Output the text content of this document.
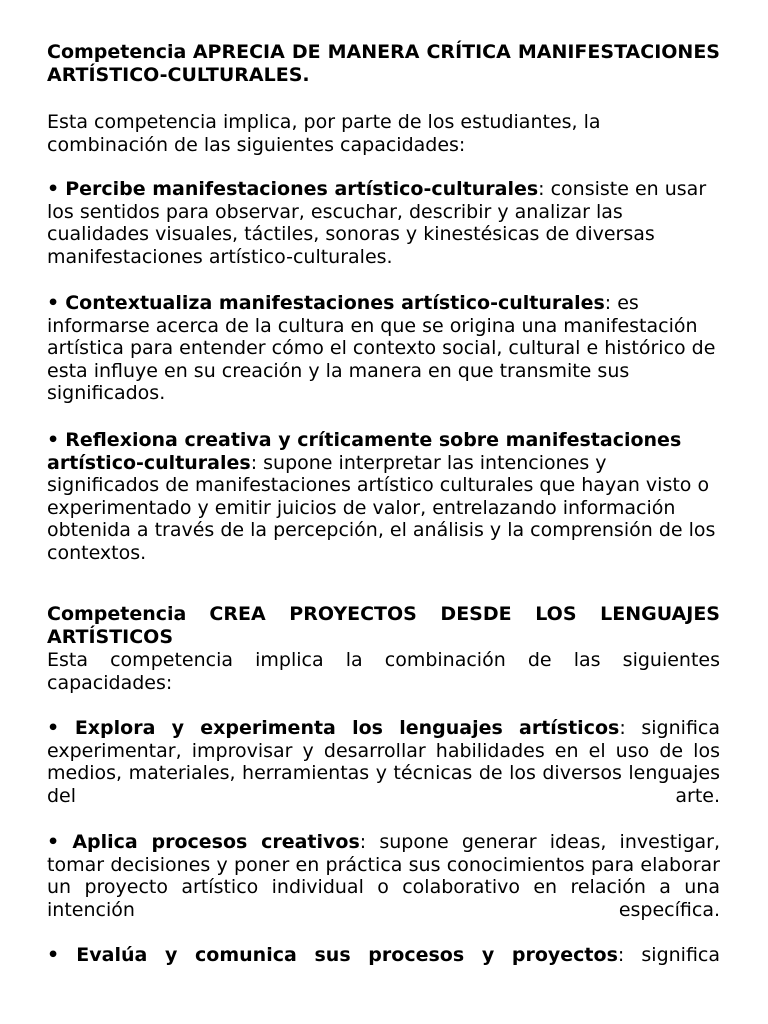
Competencia APRECIA DE MANERA CRÍTICA MANIFESTACIONES ARTÍSTICO-CULTURALES.

Esta competencia implica, por parte de los estudiantes, la combinación de las siguientes capacidades:

• Percibe manifestaciones artístico-culturales: consiste en usar los sentidos para observar, escuchar, describir y analizar las cualidades visuales, táctiles, sonoras y kinestésicas de diversas manifestaciones artístico-culturales.

• Contextualiza manifestaciones artístico-culturales: es informarse acerca de la cultura en que se origina una manifestación artística para entender cómo el contexto social, cultural e histórico de esta influye en su creación y la manera en que transmite sus significados.

• Reflexiona creativa y críticamente sobre manifestaciones artístico-culturales: supone interpretar las intenciones y significados de manifestaciones artístico culturales que hayan visto o experimentado y emitir juicios de valor, entrelazando información obtenida a través de la percepción, el análisis y la comprensión de los contextos.

Competencia CREA PROYECTOS DESDE LOS LENGUAJES ARTÍSTICOS

Esta competencia implica la combinación de las siguientes capacidades:

• Explora y experimenta los lenguajes artísticos: significa experimentar, improvisar y desarrollar habilidades en el uso de los medios, materiales, herramientas y técnicas de los diversos lenguajes del arte.

• Aplica procesos creativos: supone generar ideas, investigar, tomar decisiones y poner en práctica sus conocimientos para elaborar un proyecto artístico individual o colaborativo en relación a una intención específica.

• Evalúa y comunica sus procesos y proyectos: significa
